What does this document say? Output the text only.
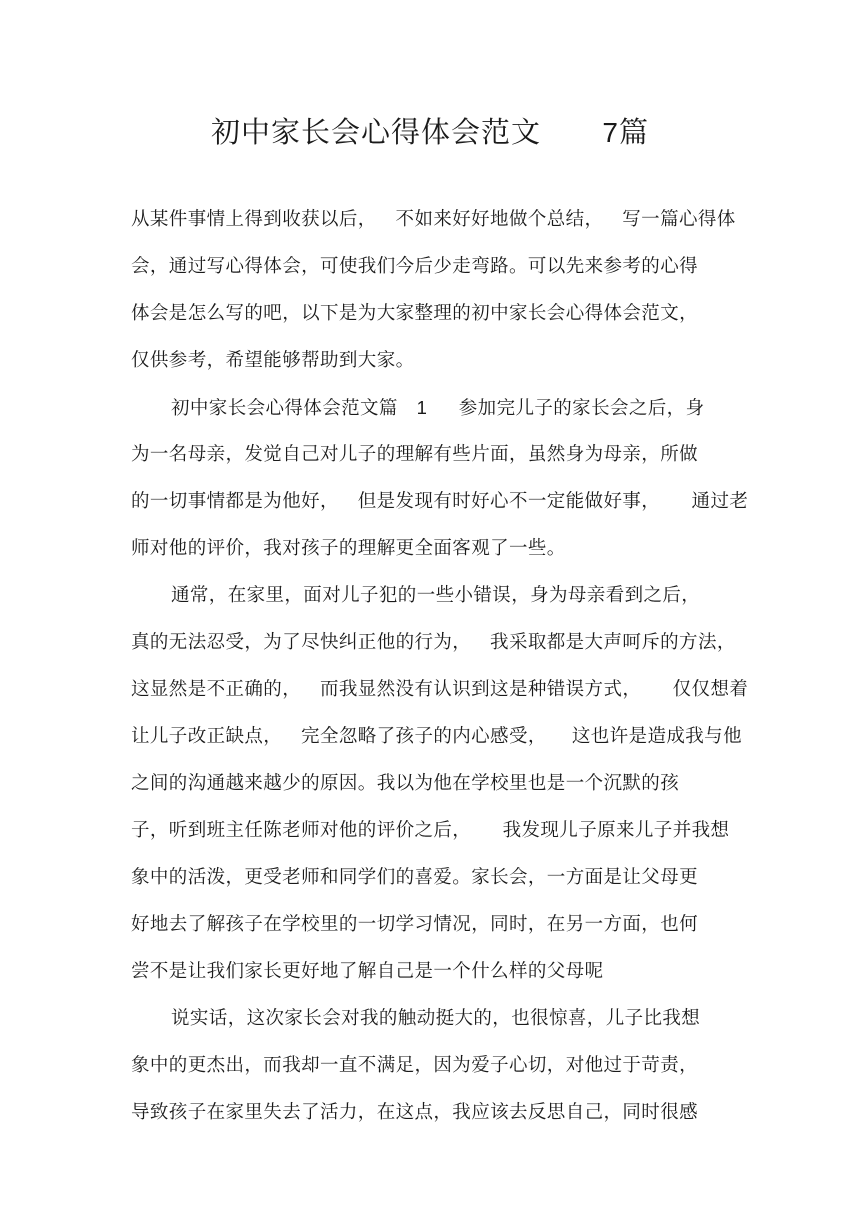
初中家长会心得体会范文 7篇
从某件事情上得到收获以后，   不如来好好地做个总结，   写一篇心得体
会，通过写心得体会，可使我们今后少走弯路。可以先来参考的心得
体会是怎么写的吧，以下是为大家整理的初中家长会心得体会范文，
仅供参考，希望能够帮助到大家。
初中家长会心得体会范文篇 1 参加完儿子的家长会之后，身
为一名母亲，发觉自己对儿子的理解有些片面，虽然身为母亲，所做
的一切事情都是为他好，   但是发现有时好心不一定能做好事，     通过老
师对他的评价，我对孩子的理解更全面客观了一些。
通常，在家里，面对儿子犯的一些小错误，身为母亲看到之后，
真的无法忍受，为了尽快纠正他的行为，   我采取都是大声呵斥的方法，
这显然是不正确的，   而我显然没有认识到这是种错误方式，     仅仅想着
让儿子改正缺点，   完全忽略了孩子的内心感受，    这也许是造成我与他
之间的沟通越来越少的原因。我以为他在学校里也是一个沉默的孩
子，听到班主任陈老师对他的评价之后，     我发现儿子原来儿子并我想
象中的活泼，更受老师和同学们的喜爱。家长会，一方面是让父母更
好地去了解孩子在学校里的一切学习情况，同时，在另一方面，也何
尝不是让我们家长更好地了解自己是一个什么样的父母呢
说实话，这次家长会对我的触动挺大的，也很惊喜，儿子比我想
象中的更杰出，而我却一直不满足，因为爱子心切，对他过于苛责，
导致孩子在家里失去了活力，在这点，我应该去反思自己，同时很感
